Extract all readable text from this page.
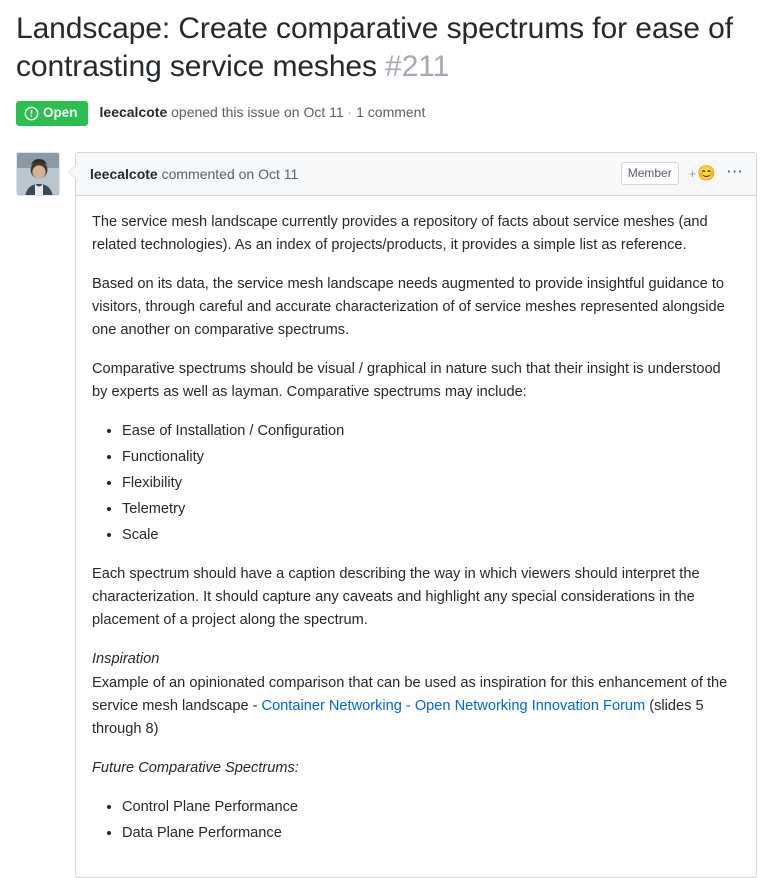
Landscape: Create comparative spectrums for ease of contrasting service meshes #211
Open leecalcote opened this issue on Oct 11 · 1 comment
leecalcote
commented on Oct 11	Member	+ 😊 ⋯

The service mesh landscape currently provides a repository of facts about service meshes (and related technologies). As an index of projects/products, it provides a simple list as reference.

Based on its data, the service mesh landscape needs augmented to provide insightful guidance to visitors, through careful and accurate characterization of of service meshes represented alongside one another on comparative spectrums.

Comparative spectrums should be visual / graphical in nature such that their insight is understood by experts as well as layman. Comparative spectrums may include:

• Ease of Installation / Configuration
• Functionality
• Flexibility
• Telemetry
• Scale

Each spectrum should have a caption describing the way in which viewers should interpret the characterization. It should capture any caveats and highlight any special considerations in the placement of a project along the spectrum.

Inspiration

Example of an opinionated comparison that can be used as inspiration for this enhancement of the service mesh landscape - Container Networking - Open Networking Innovation Forum (slides 5 through 8)

Future Comparative Spectrums:

• Control Plane Performance
• Data Plane Performance
